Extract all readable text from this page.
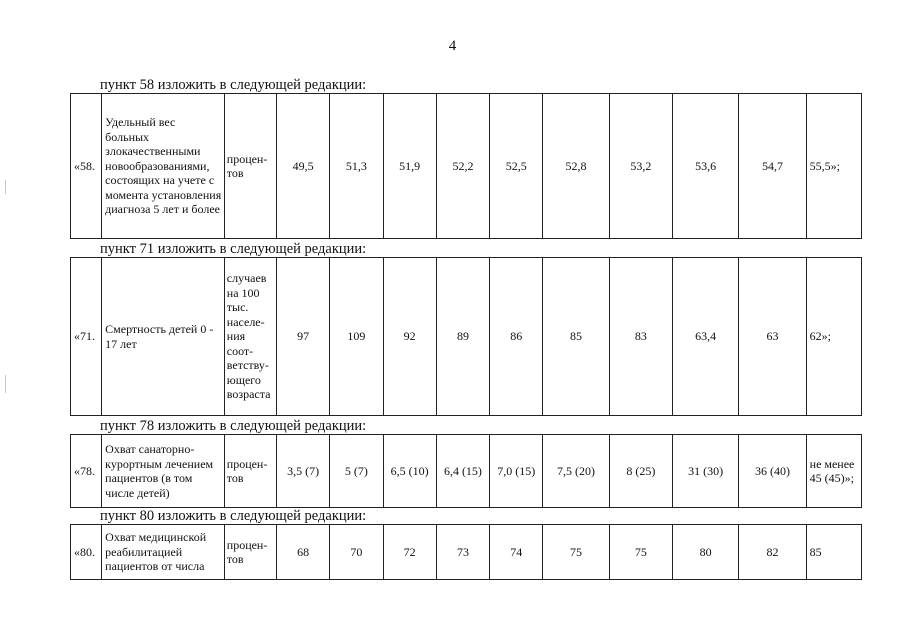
4
пункт 58 изложить в следующей редакции:
«58.	Удельный вес больных злокачественными новообразованиями, состоящих на учете с момента установления диагноза 5 лет и более	процен-тов	49,5	51,3	51,9	52,2	52,5	52,8	53,2	53,6	54,7	55,5»;
пункт 71 изложить в следующей редакции:
«71.	Смертность детей 0 - 17 лет	случаев на 100 тыс. населе-ния соот-ветству-ющего возраста	97	109	92	89	86	85	83	63,4	63	62»;
пункт 78 изложить в следующей редакции:
«78.	Охват санаторно-курортным лечением пациентов (в том числе детей)	процен-тов	3,5 (7)	5 (7)	6,5 (10)	6,4 (15)	7,0 (15)	7,5 (20)	8 (25)	31 (30)	36 (40)	не менее 45 (45)»;
пункт 80 изложить в следующей редакции:
«80.	Охват медицинской реабилитацией пациентов от числа	процен-тов	68	70	72	73	74	75	75	80	82	85
